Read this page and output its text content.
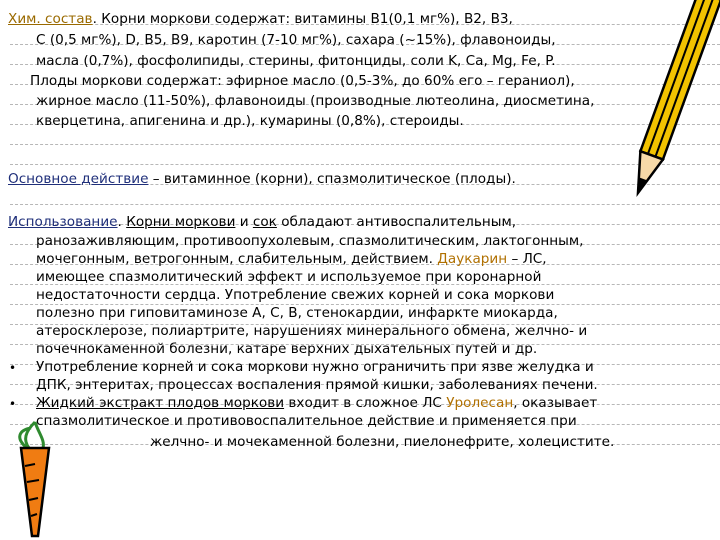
Хим. состав. Корни моркови содержат: витамины B1(0,1 мг%), B2, B3,
C (0,5 мг%), D, B5, B9, каротин (7-10 мг%), сахара (~15%), флавоноиды,
масла (0,7%), фосфолипиды, стерины, фитонциды, соли K, Ca, Mg, Fe, P.
Плоды моркови содержат: эфирное масло (0,5-3%, до 60% его – гераниол),
жирное масло (11-50%), флавоноиды (производные лютеолина, диосметина,
кверцетина, апигенина и др.), кумарины (0,8%), стероиды.
Основное действие – витаминное (корни), спазмолитическое (плоды).
Использование. Корни моркови и сок обладают антивоспалительным,
ранозаживляющим, противоопухолевым, спазмолитическим, лактогонным,
мочегонным, ветрогонным, слабительным, действием. Даукарин – ЛС,
имеющее спазмолитический эффект и используемое при коронарной
недостаточности сердца. Употребление свежих корней и сока моркови
полезно при гиповитаминозе A, C, B, стенокардии, инфаркте миокарда,
атеросклерозе, полиартрите, нарушениях минерального обмена, желчно- и
почечнокаменной болезни, катаре верхних дыхательных путей и др.
• Употребление корней и сока моркови нужно ограничить при язве желудка и
ДПК, энтеритах, процессах воспаления прямой кишки, заболеваниях печени.
• Жидкий экстракт плодов моркови входит в сложное ЛС Уролесан, оказывает
спазмолитическое и противовоспалительное действие и применяется при
желчно- и мочекаменной болезни, пиелонефрите, холецистите.
